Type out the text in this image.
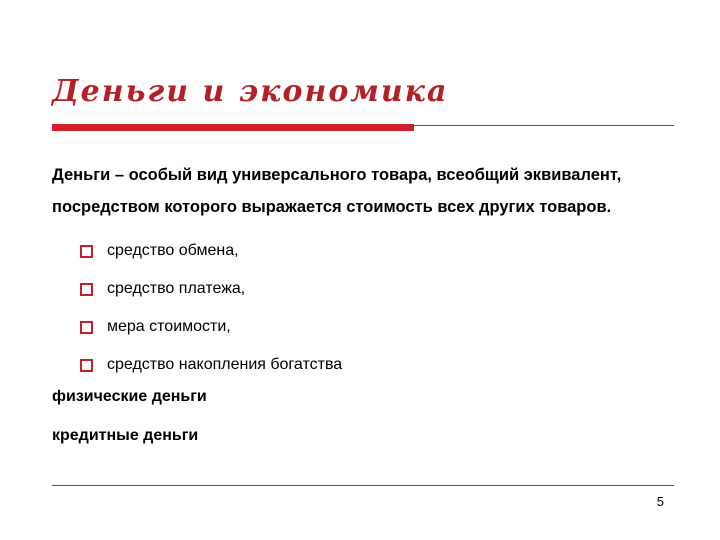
Деньги и экономика
Деньги – особый вид универсального товара, всеобщий эквивалент,
посредством которого выражается стоимость всех других товаров.
средство обмена,
средство платежа,
мера стоимости,
средство накопления богатства
физические деньги
кредитные деньги
5
